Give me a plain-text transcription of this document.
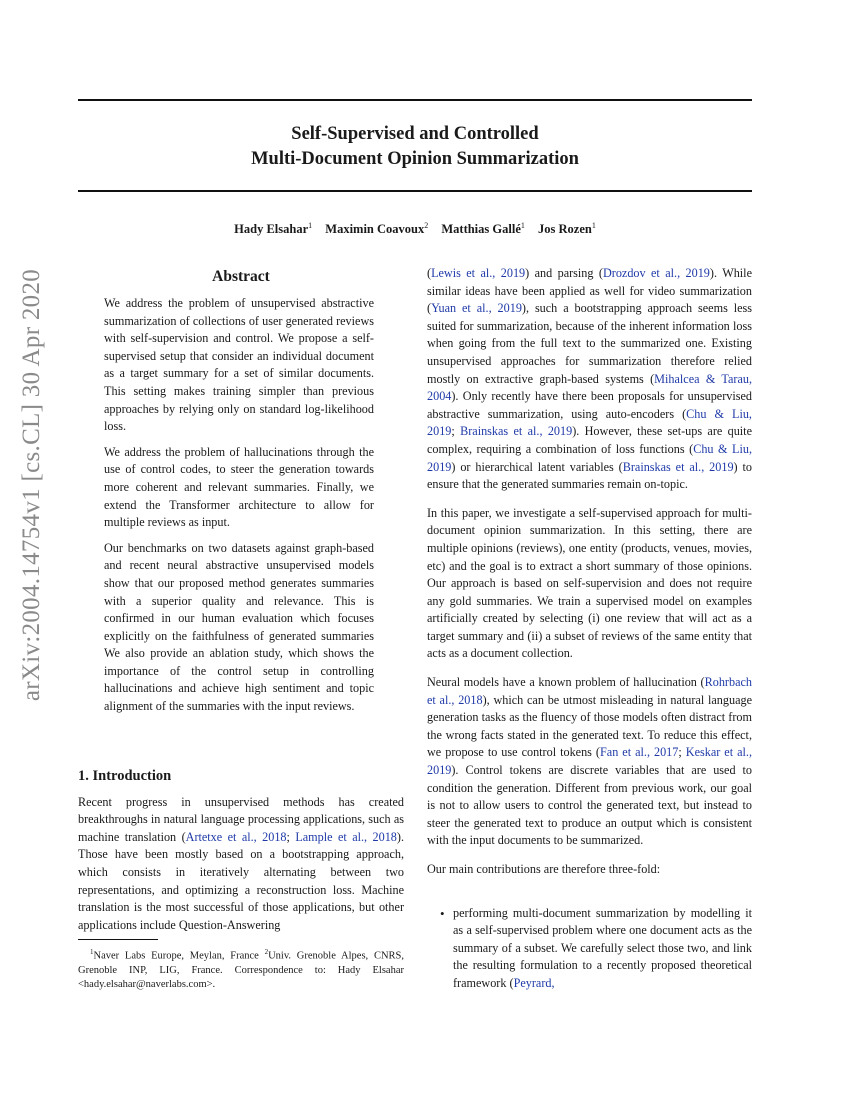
Self-Supervised and Controlled
Multi-Document Opinion Summarization
Hady Elsahar$^1$ Maximin Coavoux$^2$ Matthias Gallé$^1$ Jos Rozen$^1$
arXiv:2004.14754v1 [cs.CL] 30 Apr 2020	Abstract

We address the problem of unsupervised abstractive summarization of collections of user generated reviews with self-supervision and control. We propose a self-supervised setup that consider an individual document as a target summary for a set of similar documents. This setting makes training simpler than previous approaches by relying only on standard log-likelihood loss.

We address the problem of hallucinations through the use of control codes, to steer the generation towards more coherent and relevant summaries. Finally, we extend the Transformer architecture to allow for multiple reviews as input.

Our benchmarks on two datasets against graph-based and recent neural abstractive unsupervised models show that our proposed method generates summaries with a superior quality and relevance. This is confirmed in our human evaluation which focuses explicitly on the faithfulness of generated summaries We also provide an ablation study, which shows the importance of the control setup in controlling hallucinations and achieve high sentiment and topic alignment of the summaries with the input reviews.

1. Introduction

Recent progress in unsupervised methods has created breakthroughs in natural language processing applications, such as machine translation (Artetxe et al., 2018; Lample et al., 2018). Those have been mostly based on a bootstrapping approach, which consists in iteratively alternating between two representations, and optimizing a reconstruction loss. Machine translation is the most successful of those applications, but other applications include Question-Answering

$^1$Naver Labs Europe, Meylan, France $^2$Univ. Grenoble Alpes, CNRS, Grenoble INP, LIG, France. Correspondence to: Hady Elsahar <hady.elsahar@naverlabs.com>.

(Lewis et al., 2019) and parsing (Drozdov et al., 2019). While similar ideas have been applied as well for video summarization (Yuan et al., 2019), such a bootstrapping approach seems less suited for summarization, because of the inherent information loss when going from the full text to the summarized one. Existing unsupervised approaches for summarization therefore relied mostly on extractive graph-based systems (Mihalcea & Tarau, 2004). Only recently have there been proposals for unsupervised abstractive summarization, using auto-encoders (Chu & Liu, 2019; Brainskas et al., 2019). However, these set-ups are quite complex, requiring a combination of loss functions (Chu & Liu, 2019) or hierarchical latent variables (Brainskas et al., 2019) to ensure that the generated summaries remain on-topic.

In this paper, we investigate a self-supervised approach for multi-document opinion summarization. In this setting, there are multiple opinions (reviews), one entity (products, venues, movies, etc) and the goal is to extract a short summary of those opinions. Our approach is based on self-supervision and does not require any gold summaries. We train a supervised model on examples artificially created by selecting (i) one review that will act as a target summary and (ii) a subset of reviews of the same entity that acts as a document collection.

Neural models have a known problem of hallucination (Rohrbach et al., 2018), which can be utmost misleading in natural language generation tasks as the fluency of those models often distract from the wrong facts stated in the generated text. To reduce this effect, we propose to use control tokens (Fan et al., 2017; Keskar et al., 2019). Control tokens are discrete variables that are used to condition the generation. Different from previous work, our goal is not to allow users to control the generated text, but instead to steer the generated text to produce an output which is consistent with the input documents to be summarized.

Our main contributions are therefore three-fold:

• performing multi-document summarization by modelling it as a self-supervised problem where one document acts as the summary of a subset. We carefully select those two, and link the resulting formulation to a recently proposed theoretical framework (Peyrard,
